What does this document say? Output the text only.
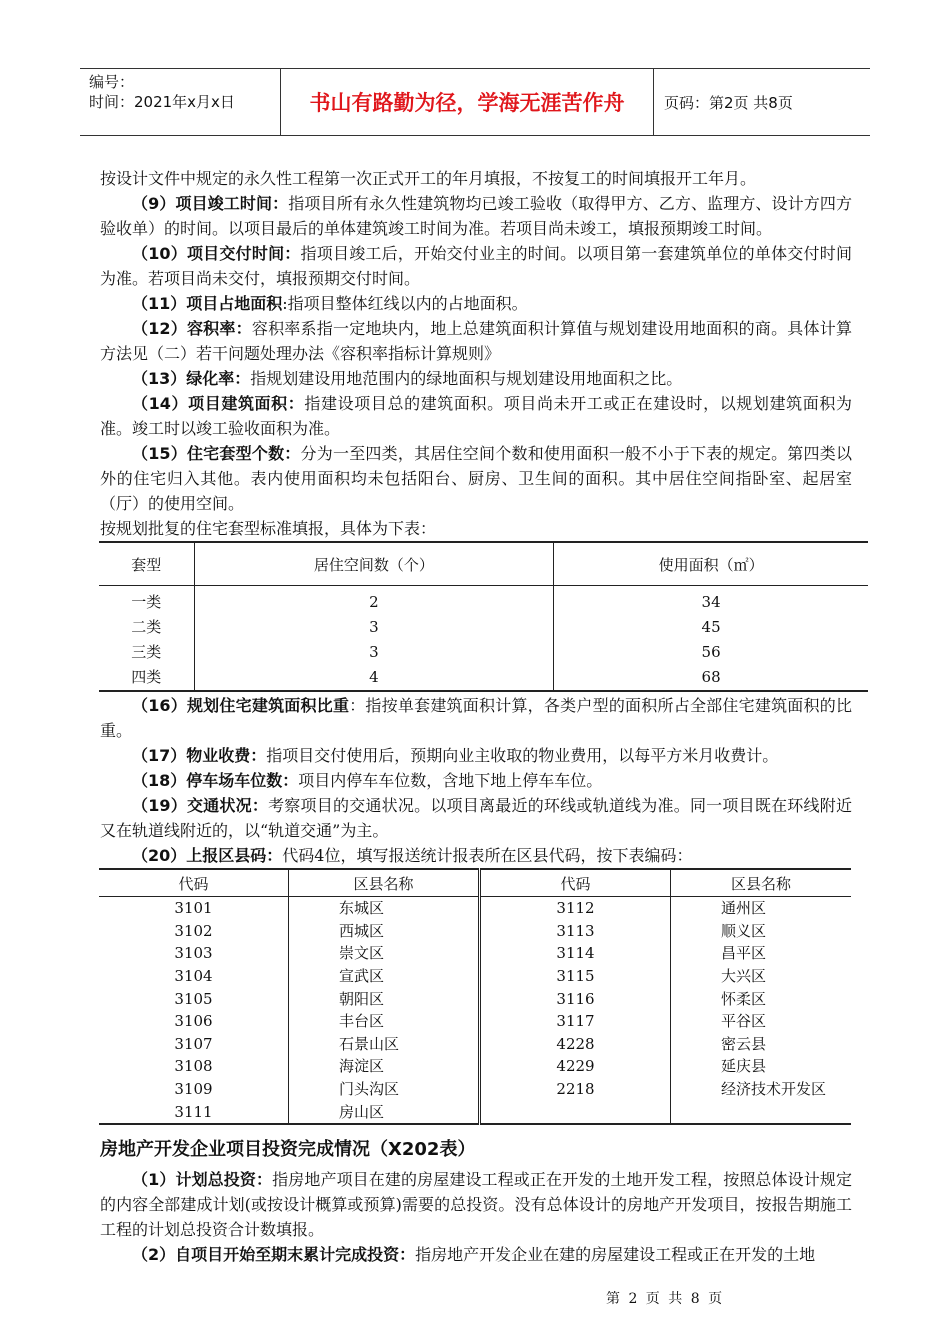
编号：
时间：2021年x月x日	书山有路勤为径，学海无涯苦作舟	页码：第2页 共8页

按设计文件中规定的永久性工程第一次正式开工的年月填报，不按复工的时间填报开工年月。

（9）项目竣工时间：指项目所有永久性建筑物均已竣工验收（取得甲方、乙方、监理方、设计方四方验收单）的时间。以项目最后的单体建筑竣工时间为准。若项目尚未竣工，填报预期竣工时间。

（10）项目交付时间：指项目竣工后，开始交付业主的时间。以项目第一套建筑单位的单体交付时间为准。若项目尚未交付，填报预期交付时间。

（11）项目占地面积:指项目整体红线以内的占地面积。

（12）容积率：容积率系指一定地块内，地上总建筑面积计算值与规划建设用地面积的商。具体计算方法见（二）若干问题处理办法《容积率指标计算规则》

（13）绿化率：指规划建设用地范围内的绿地面积与规划建设用地面积之比。

（14）项目建筑面积：指建设项目总的建筑面积。项目尚未开工或正在建设时，以规划建筑面积为准。竣工时以竣工验收面积为准。

（15）住宅套型个数：分为一至四类，其居住空间个数和使用面积一般不小于下表的规定。第四类以外的住宅归入其他。表内使用面积均未包括阳台、厨房、卫生间的面积。其中居住空间指卧室、起居室（厅）的使用空间。

按规划批复的住宅套型标准填报，具体为下表：

套型	居住空间数（个）	使用面积（㎡）
一类	2	34
二类	3	45
三类	3	56
四类	4	68

（16）规划住宅建筑面积比重：指按单套建筑面积计算，各类户型的面积所占全部住宅建筑面积的比重。

（17）物业收费：指项目交付使用后，预期向业主收取的物业费用，以每平方米月收费计。

（18）停车场车位数：项目内停车车位数，含地下地上停车车位。

（19）交通状况：考察项目的交通状况。以项目离最近的环线或轨道线为准。同一项目既在环线附近又在轨道线附近的，以“轨道交通”为主。

（20）上报区县码：代码4位，填写报送统计报表所在区县代码，按下表编码：

代码	区县名称	代码	区县名称
3101	东城区	3112	通州区
3102	西城区	3113	顺义区
3103	崇文区	3114	昌平区
3104	宣武区	3115	大兴区
3105	朝阳区	3116	怀柔区
3106	丰台区	3117	平谷区
3107	石景山区	4228	密云县
3108	海淀区	4229	延庆县
3109	门头沟区	2218	经济技术开发区
3111	房山区		
房地产开发企业项目投资完成情况（X202表）

（1）计划总投资：指房地产项目在建的房屋建设工程或正在开发的土地开发工程，按照总体设计规定的内容全部建成计划(或按设计概算或预算)需要的总投资。没有总体设计的房地产开发项目，按报告期施工工程的计划总投资合计数填报。

（2）自项目开始至期末累计完成投资：指房地产开发企业在建的房屋建设工程或正在开发的土地

第 2 页 共 8 页
